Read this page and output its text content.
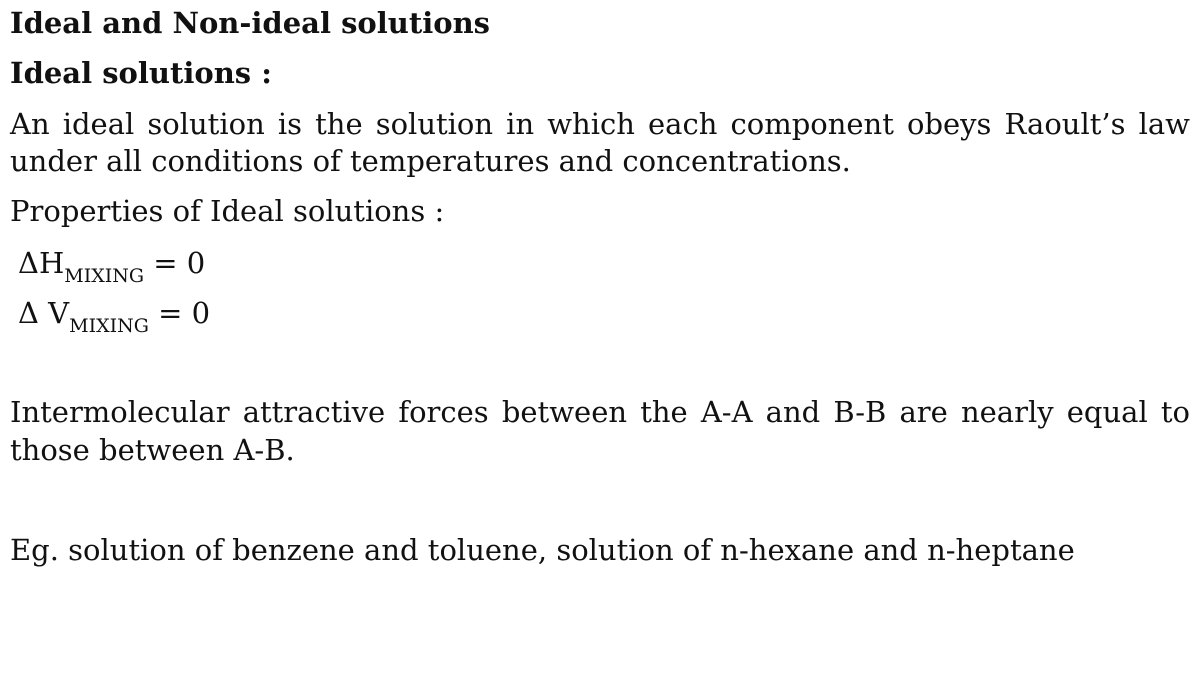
Ideal and Non-ideal solutions
Ideal solutions :
An ideal solution is the solution in which each component obeys Raoult’s law
under all conditions of temperatures and concentrations.
Properties of Ideal solutions :
$\Delta H_{MIXING} = 0$
Δ $V_{MIXING} = 0$
Intermolecular attractive forces between the A-A and B-B are nearly equal to
those between A-B.
Eg. solution of benzene and toluene, solution of n-hexane and n-heptane
